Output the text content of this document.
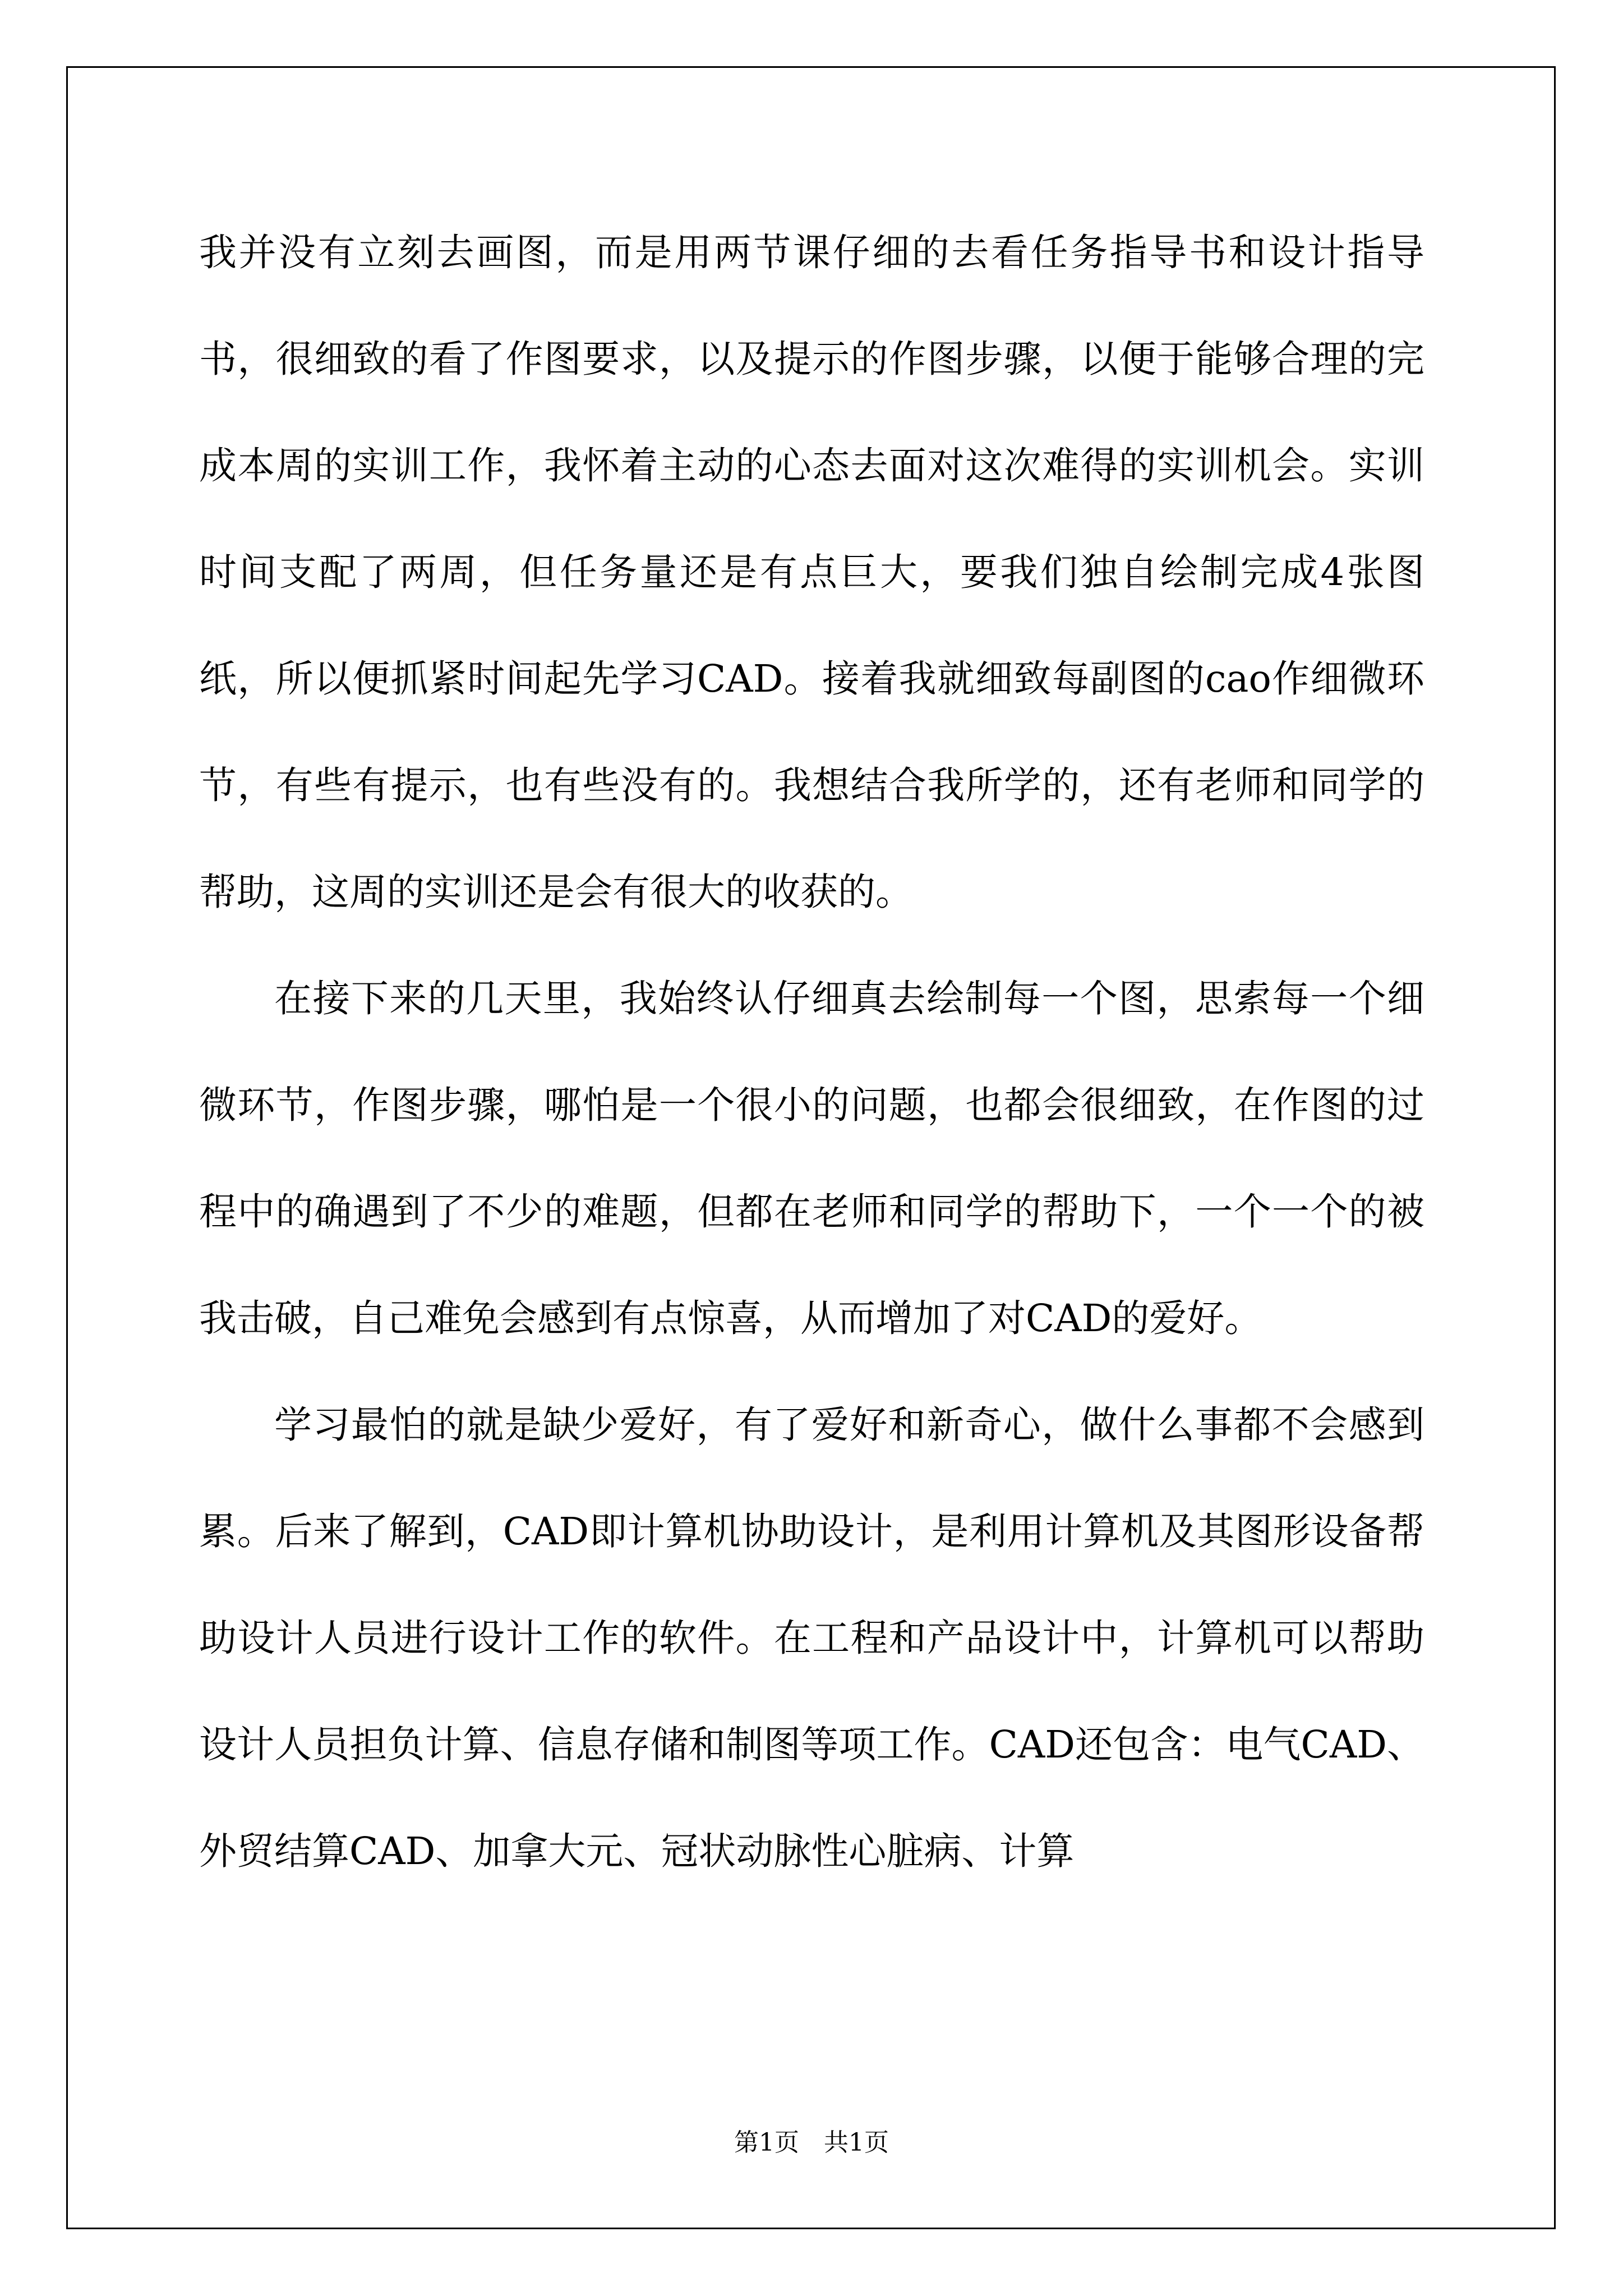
我并没有立刻去画图，而是用两节课仔细的去看任务指导书和设计指导书，很细致的看了作图要求，以及提示的作图步骤，以便于能够合理的完成本周的实训工作，我怀着主动的心态去面对这次难得的实训机会。实训时间支配了两周，但任务量还是有点巨大，要我们独自绘制完成4张图纸，所以便抓紧时间起先学习CAD。接着我就细致每副图的cao作细微环节，有些有提示，也有些没有的。我想结合我所学的，还有老师和同学的帮助，这周的实训还是会有很大的收获的。

在接下来的几天里，我始终认仔细真去绘制每一个图，思索每一个细微环节，作图步骤，哪怕是一个很小的问题，也都会很细致，在作图的过程中的确遇到了不少的难题，但都在老师和同学的帮助下，一个一个的被我击破，自己难免会感到有点惊喜，从而增加了对CAD的爱好。

学习最怕的就是缺少爱好，有了爱好和新奇心，做什么事都不会感到累。后来了解到，CAD即计算机协助设计，是利用计算机及其图形设备帮助设计人员进行设计工作的软件。在工程和产品设计中，计算机可以帮助设计人员担负计算、信息存储和制图等项工作。CAD还包含：电气CAD、外贸结算CAD、加拿大元、冠状动脉性心脏病、计算

第1页　共1页
